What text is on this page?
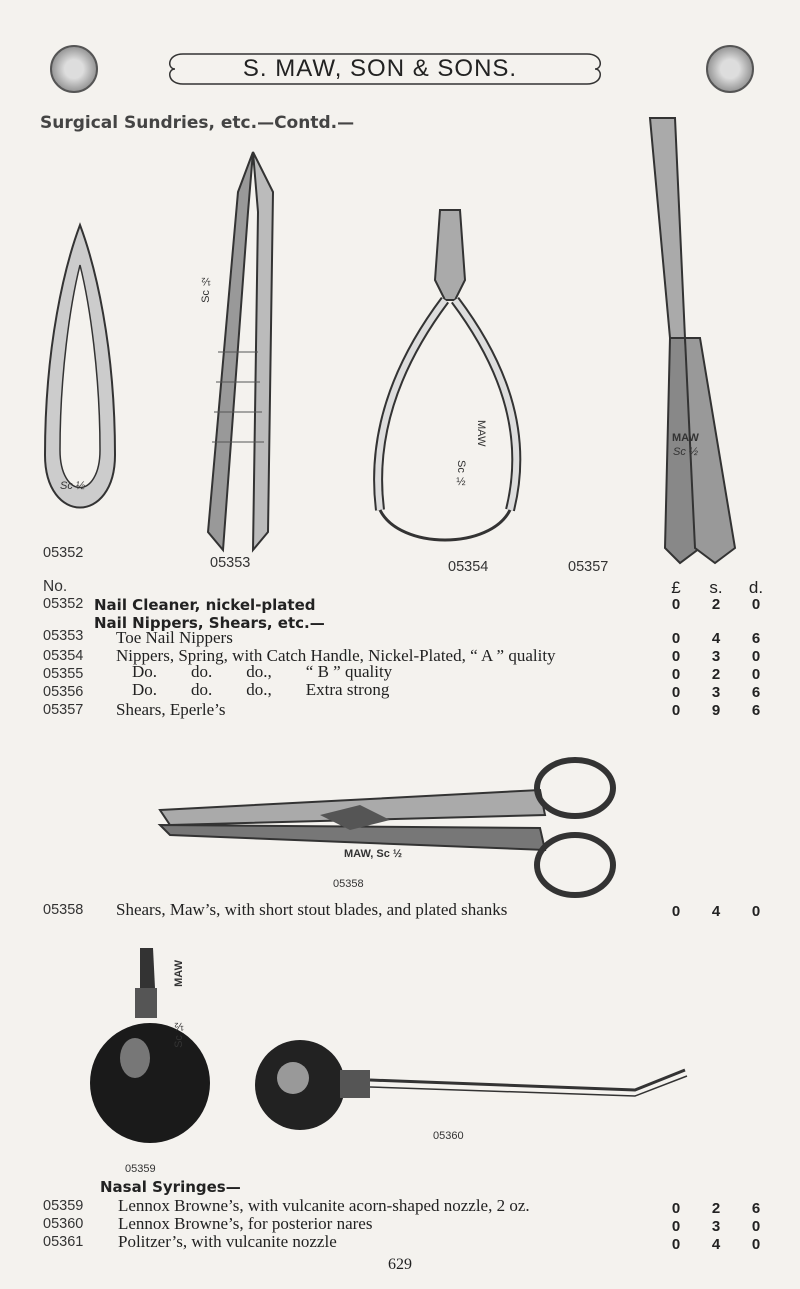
S. MAW, SON & SONS.
Surgical Sundries, etc.—Contd.—
Sc ½
Sc ½
MAW
Sc ½
MAW
Sc ½
05352
05353	05354	05357
No.	£ s. d.
05352 Nail Cleaner, nickel-plated	0 2 0
Nail Nippers, Shears, etc.—
05353 Toe Nail Nippers	0 4 6
05354 Nippers, Spring, with Catch Handle, Nickel-Plated, “ A ” quality	0 3 0
05355	Do.        do.        do.,        “ B ” quality	0 2 0
05356	Do.        do.        do.,        Extra strong	0 3 6
05357 Shears, Eperle’s	0 9 6
MAW, Sc ½
05358
05358 Shears, Maw’s, with short stout blades, and plated shanks	0 4 0
MAW
Sc ½
05360
05359
Nasal Syringes—
05359 Lennox Browne’s, with vulcanite acorn-shaped nozzle, 2 oz.	0 2 6
05360 Lennox Browne’s, for posterior nares	0 3 0
05361 Politzer’s, with vulcanite nozzle	0 4 0
629
